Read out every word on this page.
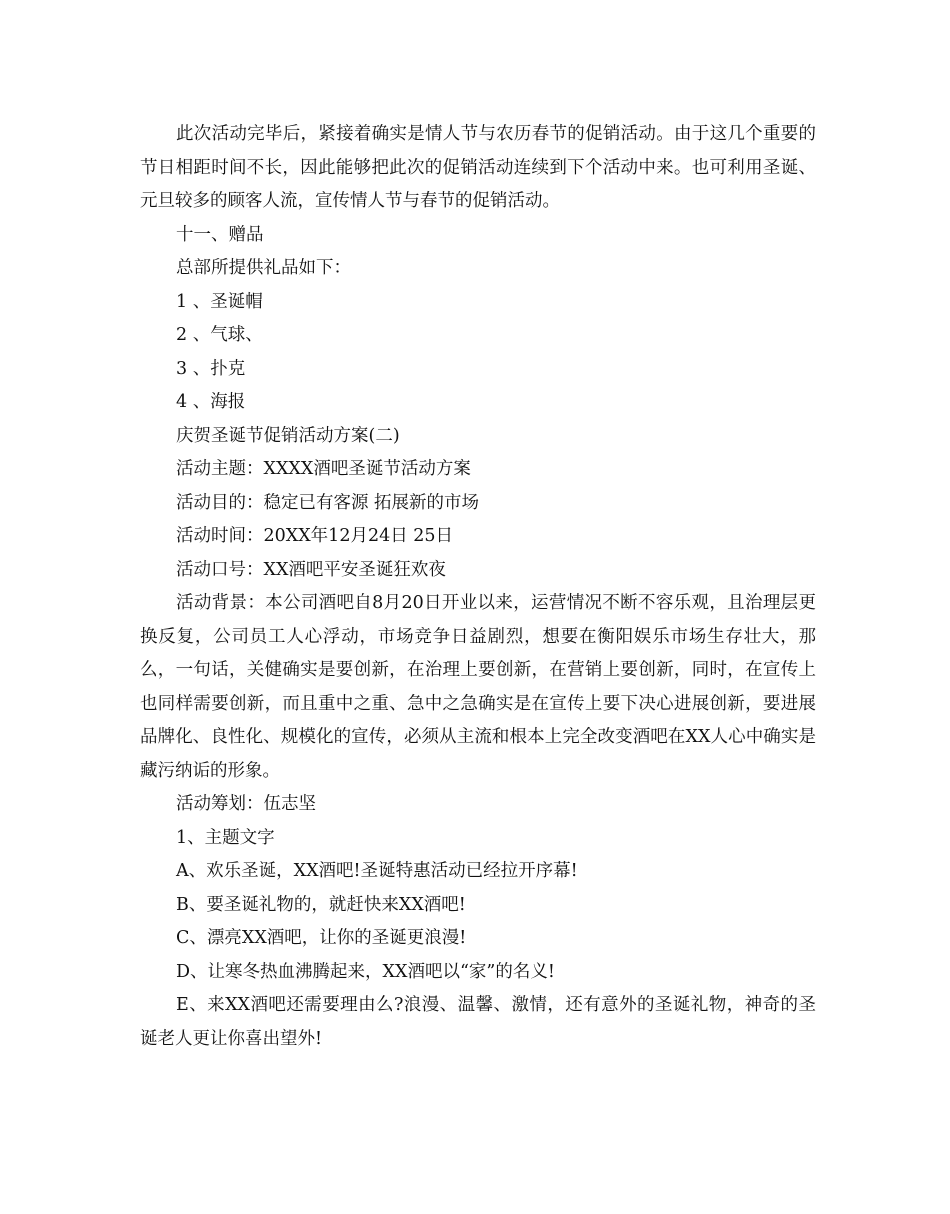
此次活动完毕后，紧接着确实是情人节与农历春节的促销活动。由于这几个重要的节日相距时间不长，因此能够把此次的促销活动连续到下个活动中来。也可利用圣诞、元旦较多的顾客人流，宣传情人节与春节的促销活动。

十一、赠品

总部所提供礼品如下：

1 、圣诞帽

2 、气球、

3 、扑克

4 、海报

庆贺圣诞节促销活动方案(二)

活动主题：XXXX酒吧圣诞节活动方案

活动目的：稳定已有客源 拓展新的市场

活动时间：20XX年12月24日 25日

活动口号：XX酒吧平安圣诞狂欢夜

活动背景：本公司酒吧自8月20日开业以来，运营情况不断不容乐观，且治理层更换反复，公司员工人心浮动，市场竞争日益剧烈，想要在衡阳娱乐市场生存壮大，那么，一句话，关健确实是要创新，在治理上要创新，在营销上要创新，同时，在宣传上也同样需要创新，而且重中之重、急中之急确实是在宣传上要下决心进展创新，要进展品牌化、良性化、规模化的宣传，必须从主流和根本上完全改变酒吧在XX人心中确实是藏污纳诟的形象。

活动筹划：伍志坚

1、主题文字

A、欢乐圣诞，XX酒吧!圣诞特惠活动已经拉开序幕!

B、要圣诞礼物的，就赶快来XX酒吧!

C、漂亮XX酒吧，让你的圣诞更浪漫!

D、让寒冬热血沸腾起来，XX酒吧以“家”的名义!

E、来XX酒吧还需要理由么?浪漫、温馨、激情，还有意外的圣诞礼物，神奇的圣诞老人更让你喜出望外!
